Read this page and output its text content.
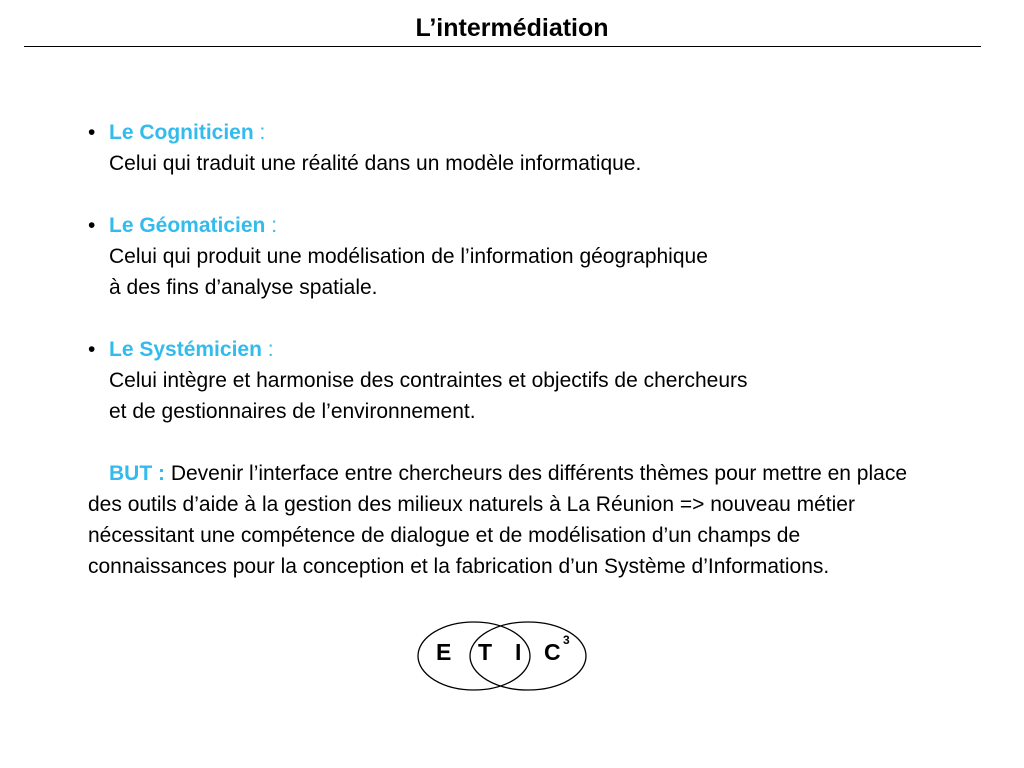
L’intermédiation
• Le Cogniticien :
Celui qui traduit une réalité dans un modèle informatique.
• Le Géomaticien :
Celui qui produit une modélisation de l’information géographique
à des fins d’analyse spatiale.
• Le Systémicien :
Celui intègre et harmonise des contraintes et objectifs de chercheurs
et de gestionnaires de l’environnement.

BUT : Devenir l’interface entre chercheurs des différents thèmes pour mettre en place des outils d’aide à la gestion des milieux naturels à La Réunion => nouveau métier nécessitant une compétence de dialogue et de modélisation d’un champs de connaissances pour la conception et la fabrication d’un Système d’Informations.

E T I C 3
